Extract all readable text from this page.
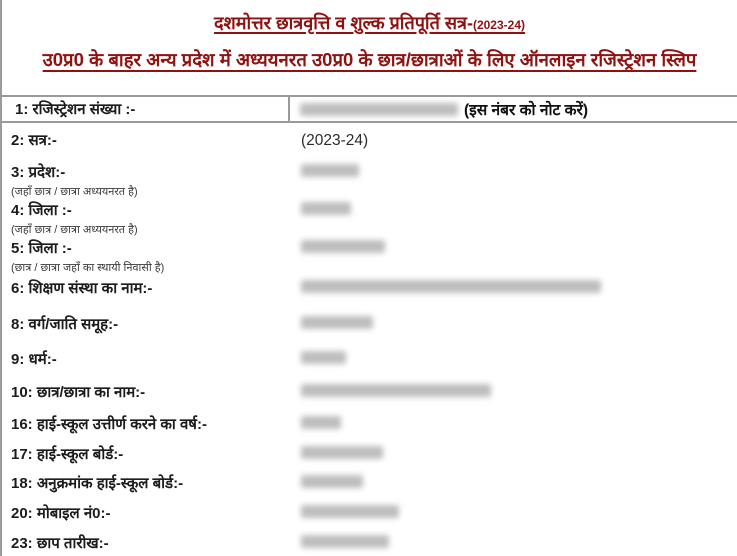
दशमोत्तर छात्रवृत्ति व शुल्क प्रतिपूर्ति सत्र-(2023-24)
उ0प्र0 के बाहर अन्य प्रदेश में अध्ययनरत उ0प्र0 के छात्र/छात्राओं के लिए ऑनलाइन रजिस्ट्रेशन स्लिप
1: रजिस्ट्रेशन संख्या :-	(इस नंबर को नोट करें)
2: सत्र:-	(2023-24)
3: प्रदेश:-
(जहाँ छात्र / छात्रा अध्ययनरत है)
4: जिला :-
(जहाँ छात्र / छात्रा अध्ययनरत है)
5: जिला :-
(छात्र / छात्रा जहाँ का स्थायी निवासी है)
6: शिक्षण संस्था का नाम:-
8: वर्ग/जाति समूह:-
9: धर्म:-
10: छात्र/छात्रा का नाम:-
16: हाई-स्कूल उत्तीर्ण करने का वर्ष:-
17: हाई-स्कूल बोर्ड:-
18: अनुक्रमांक हाई-स्कूल बोर्ड:-
20: मोबाइल नं0:-
23: छाप तारीख:-
